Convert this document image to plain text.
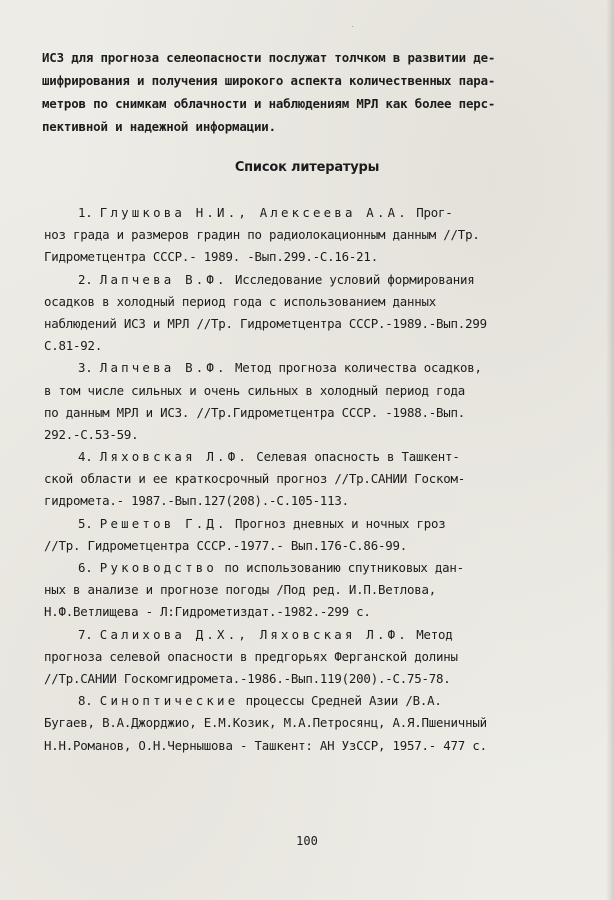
˙
ИСЗ для прогноза селеопасности послужат толчком в развитии де-
шифрирования и получения широкого аспекта количественных пара-
метров по снимкам облачности и наблюдениям МРЛ как более перс-
пективной и надежной информации.
Список литературы
1. Глушкова Н.И., Алексеева А.А. Прог-
ноз града и размеров градин по радиолокационным данным //Тр.
Гидрометцентра СССР.- 1989. -Вып.299.-С.16-21.
2. Лапчева В.Ф. Исследование условий формирования
осадков в холодный период года с использованием данных
наблюдений ИСЗ и МРЛ //Тр. Гидрометцентра СССР.-1989.-Вып.299
С.81-92.
3. Лапчева В.Ф. Метод прогноза количества осадков,
в том числе сильных и очень сильных в холодный период года
по данным МРЛ и ИСЗ. //Тр.Гидрометцентра СССР. -1988.-Вып.
292.-С.53-59.
4. Ляховская Л.Ф. Селевая опасность в Ташкент-
ской области и ее краткосрочный прогноз //Тр.САНИИ Госком-
гидромета.- 1987.-Вып.127(208).-С.105-113.
5. Решетов Г.Д. Прогноз дневных и ночных гроз
//Тр. Гидрометцентра СССР.-1977.- Вып.176-С.86-99.
6. Руководство по использованию спутниковых дан-
ных в анализе и прогнозе погоды /Под ред. И.П.Ветлова,
Н.Ф.Ветлищева - Л:Гидрометиздат.-1982.-299 с.
7. Салихова Д.Х., Ляховская Л.Ф. Метод
прогноза селевой опасности в предгорьях Ферганской долины
//Тр.САНИИ Госкомгидромета.-1986.-Вып.119(200).-С.75-78.
8. Синоптические процессы Средней Азии /В.А.
Бугаев, В.А.Джорджио, Е.М.Козик, М.А.Петросянц, А.Я.Пшеничный
Н.Н.Романов, О.Н.Чернышова - Ташкент: АН УзССР, 1957.- 477 с.
100
